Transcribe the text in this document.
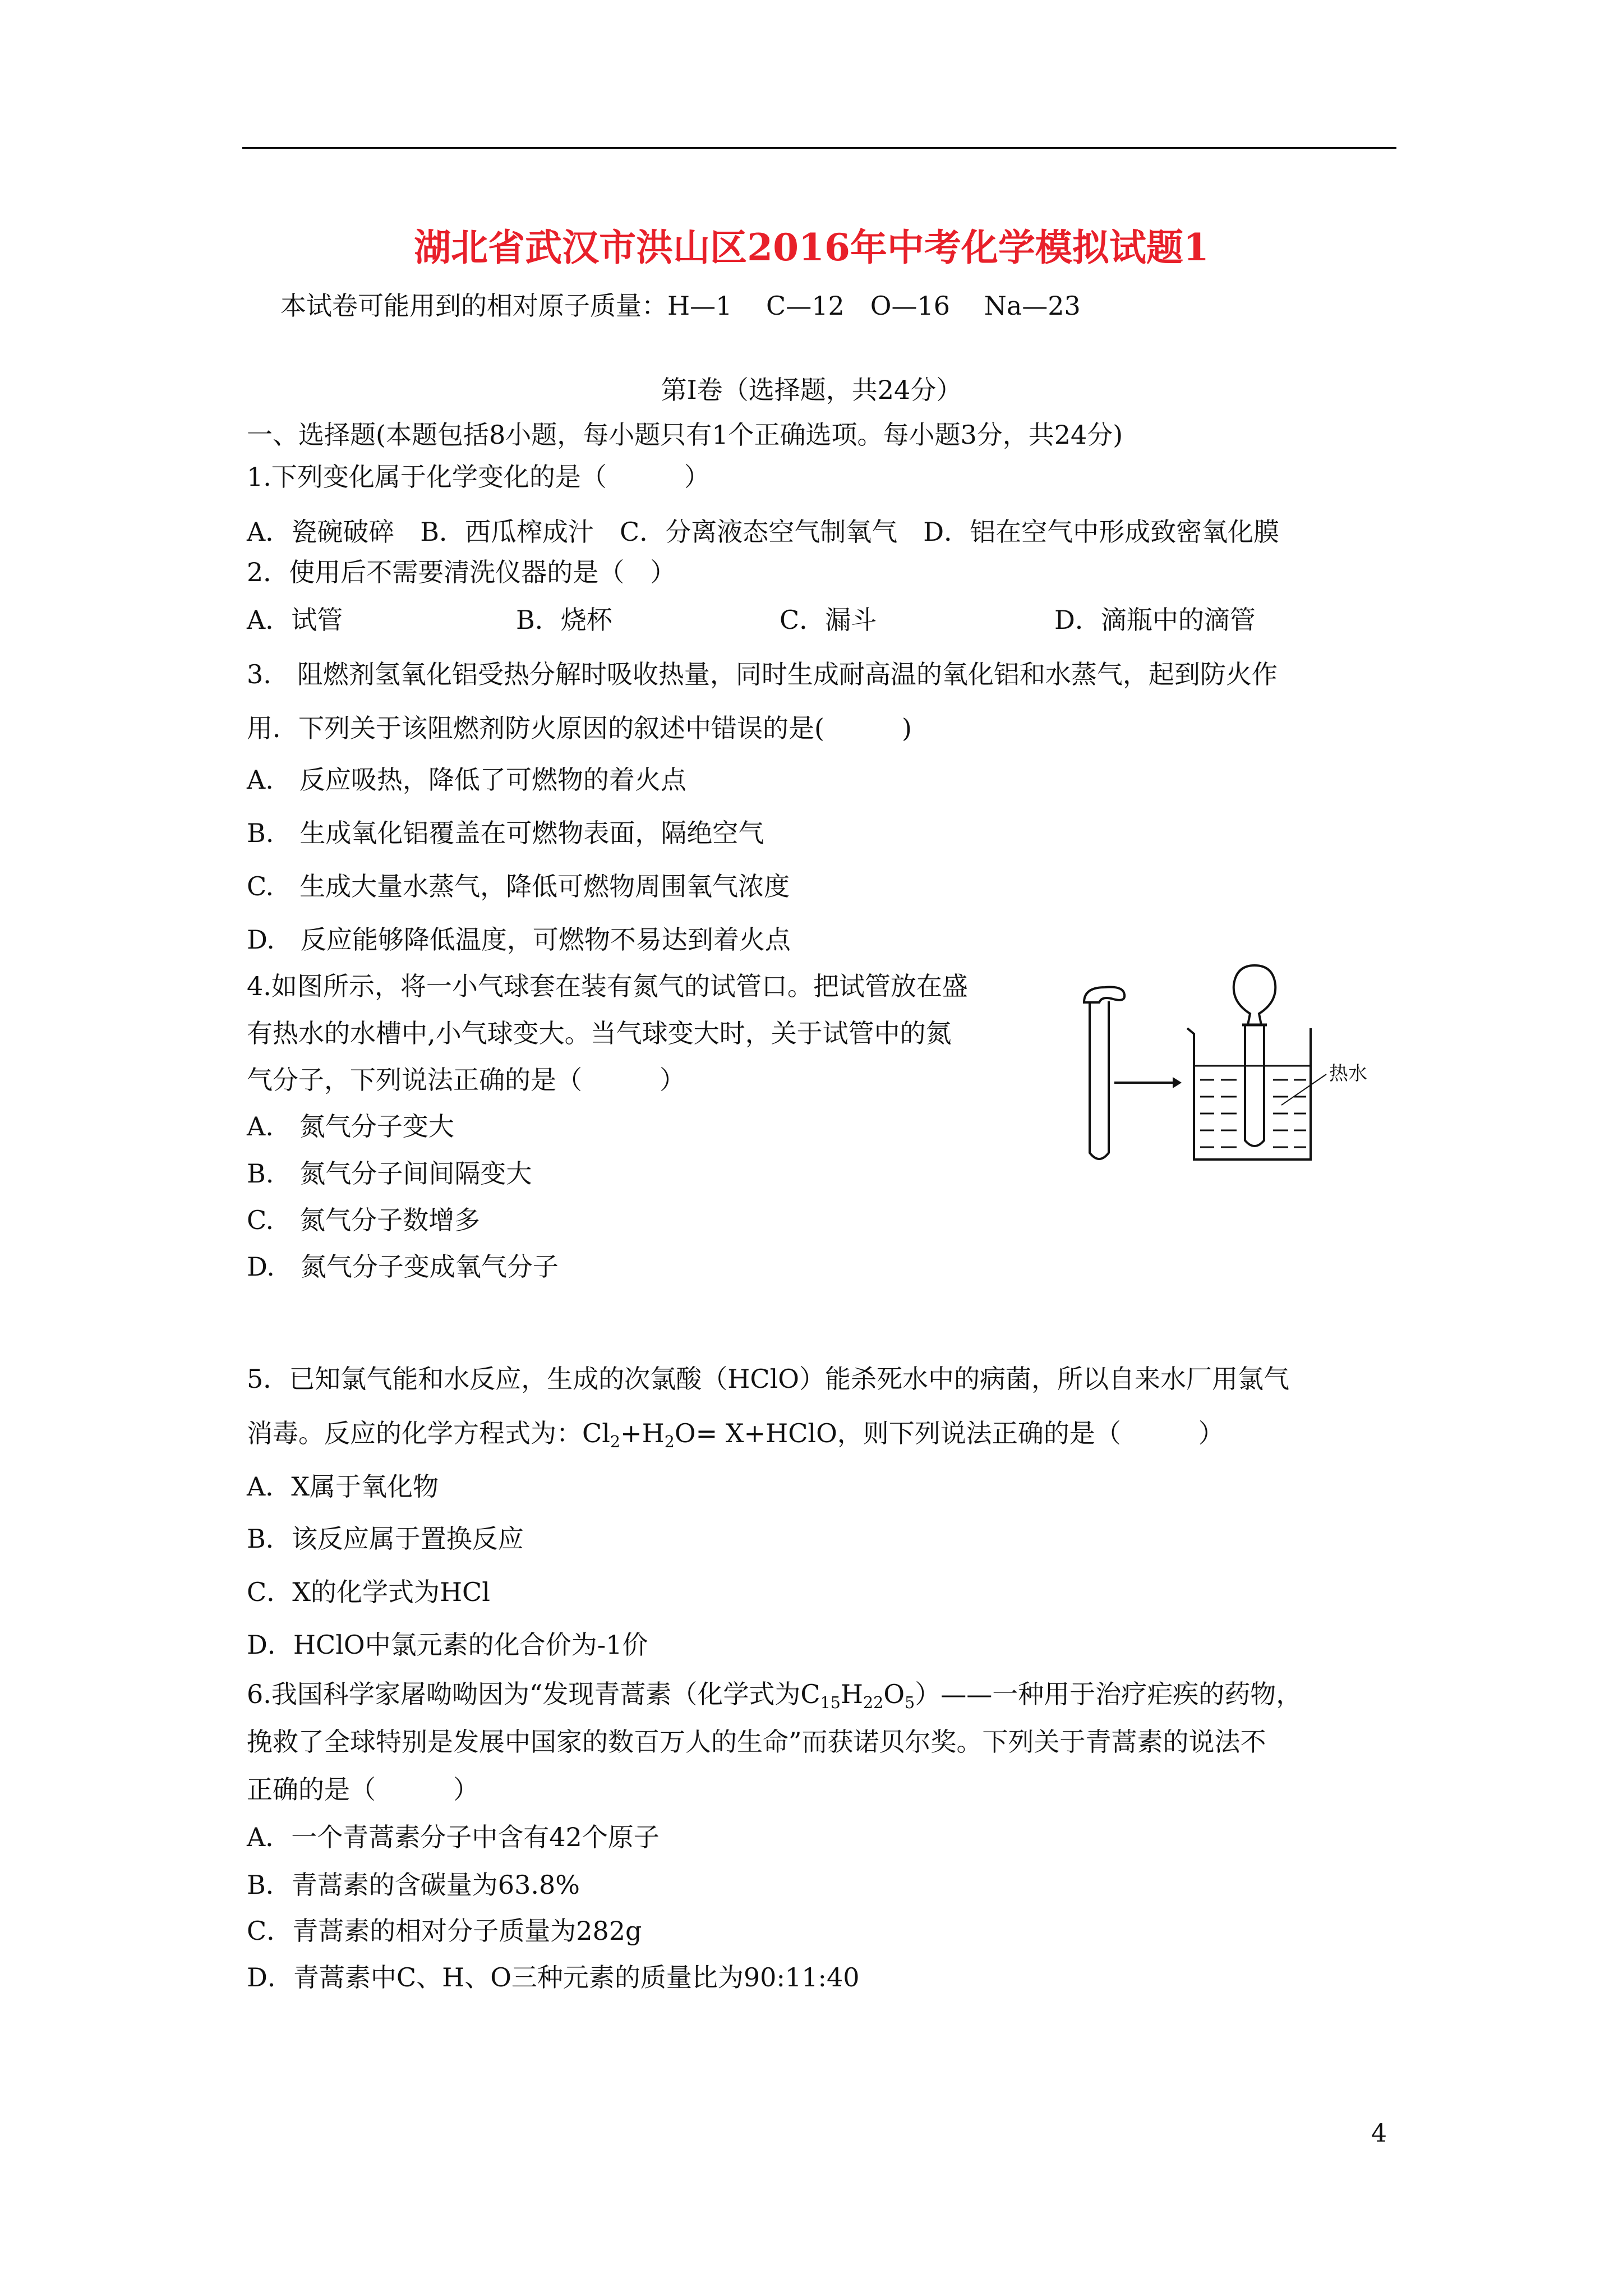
湖北省武汉市洪山区2016年中考化学模拟试题1
本试卷可能用到的相对原子质量：H—1　 C—12　O—16　 Na—23
第Ⅰ卷（选择题，共24分）
一、选择题(本题包括8小题，每小题只有1个正确选项。每小题3分，共24分)
1.下列变化属于化学变化的是（　　　）
A．瓷碗破碎　B．西瓜榨成汁　C．分离液态空气制氧气　D．铝在空气中形成致密氧化膜
2．使用后不需要清洗仪器的是（　）
A．试管	B．烧杯	C．漏斗	D．滴瓶中的滴管
3.　阻燃剂氢氧化铝受热分解时吸收热量，同时生成耐高温的氧化铝和水蒸气，起到防火作
用．下列关于该阻燃剂防火原因的叙述中错误的是(　　　)
A.　反应吸热，降低了可燃物的着火点
B.　生成氧化铝覆盖在可燃物表面，隔绝空气
C.　生成大量水蒸气，降低可燃物周围氧气浓度
D.　反应能够降低温度，可燃物不易达到着火点
4.如图所示，将一小气球套在装有氮气的试管口。把试管放在盛
有热水的水槽中,小气球变大。当气球变大时，关于试管中的氮
气分子，下列说法正确的是（　　　）
A.　氮气分子变大
B.　氮气分子间间隔变大
C.　氮气分子数增多
D.　氮气分子变成氧气分子
热水
5．已知氯气能和水反应，生成的次氯酸（HClO）能杀死水中的病菌，所以自来水厂用氯气
消毒。反应的化学方程式为：$Cl_2+H_2O=$ X+HClO，则下列说法正确的是（　　　）
A．X属于氧化物
B．该反应属于置换反应
C．X的化学式为HCl
D．HClO中氯元素的化合价为-1价
6.我国科学家屠呦呦因为“发现青蒿素（化学式为$C_{15}H_{22}O_5)——$一种用于治疗疟疾的药物，
挽救了全球特别是发展中国家的数百万人的生命”而获诺贝尔奖。下列关于青蒿素的说法不
正确的是（　　　）
A．一个青蒿素分子中含有42个原子
B．青蒿素的含碳量为63.8%
C．青蒿素的相对分子质量为282g
D．青蒿素中C、H、O三种元素的质量比为90:11:40
4
